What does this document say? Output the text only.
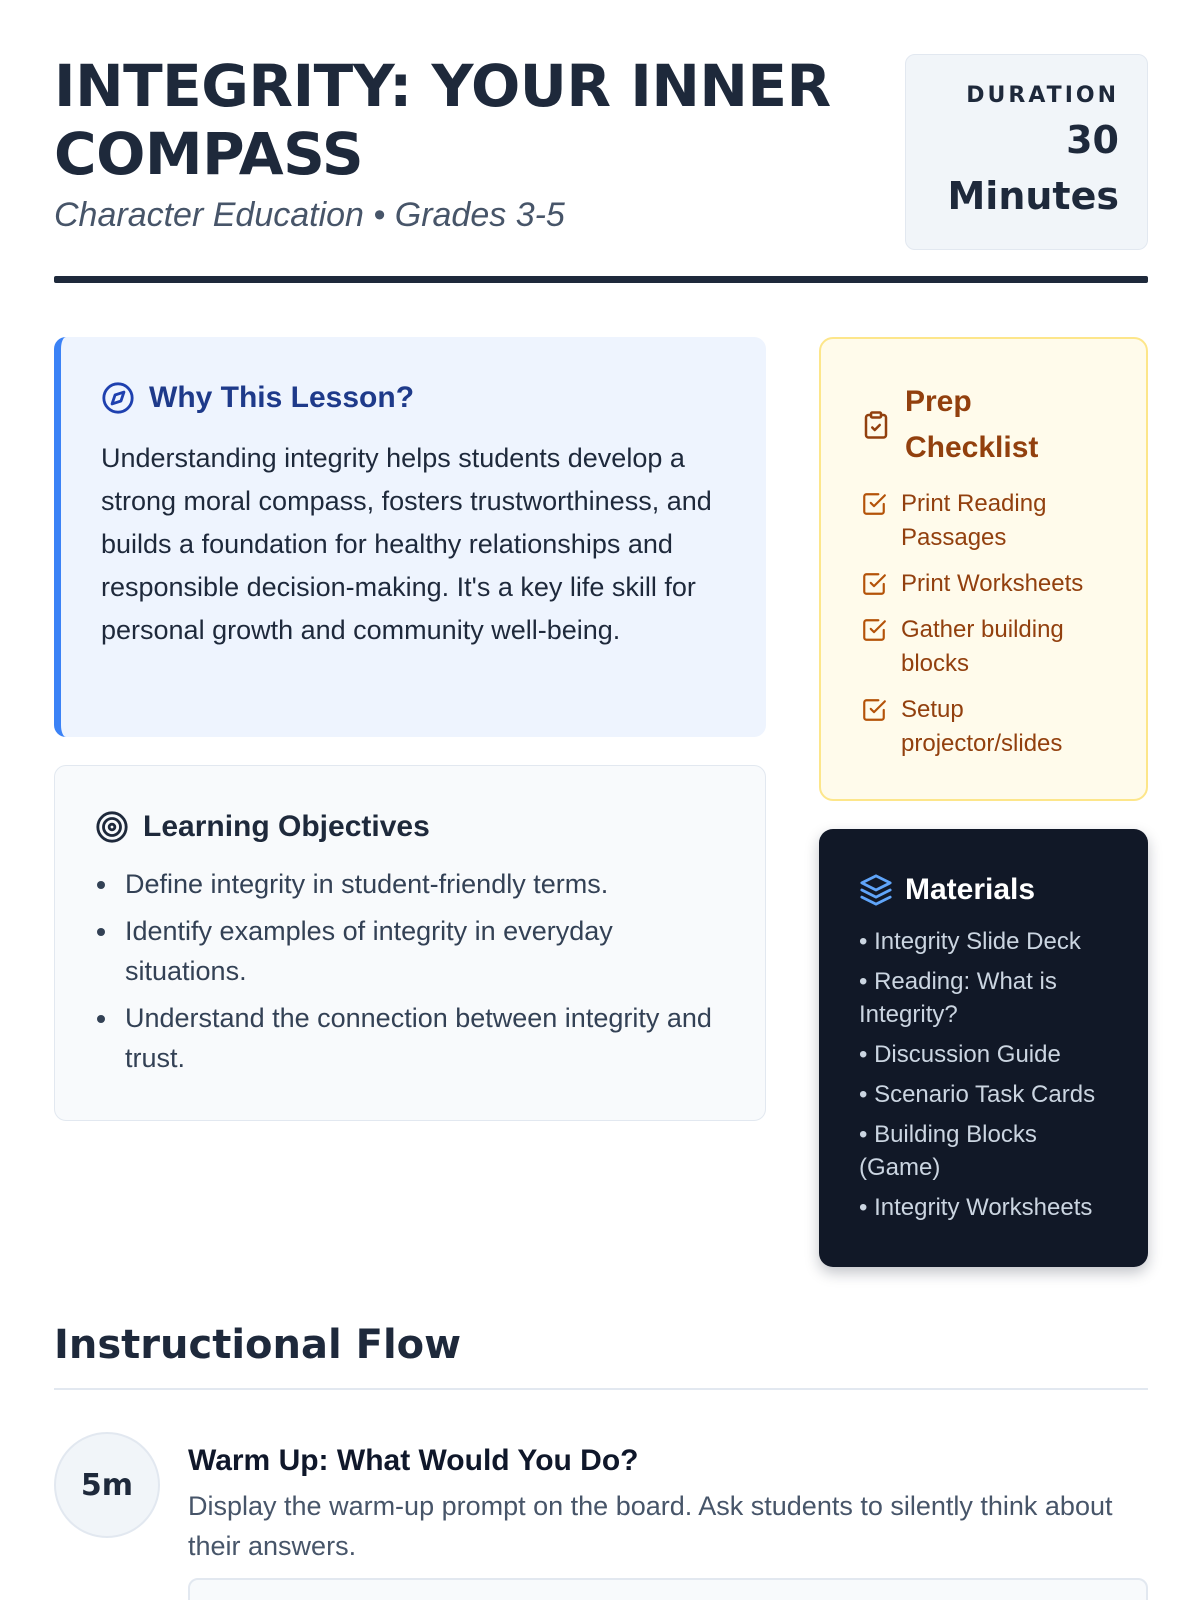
INTEGRITY: YOUR INNER COMPASS
Character Education • Grades 3-5
DURATION
30 Minutes
Why This Lesson?

Understanding integrity helps students develop a strong moral compass, fosters trustworthiness, and builds a foundation for healthy relationships and responsible decision-making. It's a key life skill for personal growth and community well-being.

Learning Objectives
Define integrity in student-friendly terms.
Identify examples of integrity in everyday situations.
Understand the connection between integrity and trust.
Prep Checklist
Print Reading Passages
Print Worksheets
Gather building blocks
Setup projector/slides
Materials
• Integrity Slide Deck
• Reading: What is Integrity?
• Discussion Guide
• Scenario Task Cards
• Building Blocks (Game)
• Integrity Worksheets
Instructional Flow
5m
Warm Up: What Would You Do?
Display the warm-up prompt on the board. Ask students to silently think about their answers.
